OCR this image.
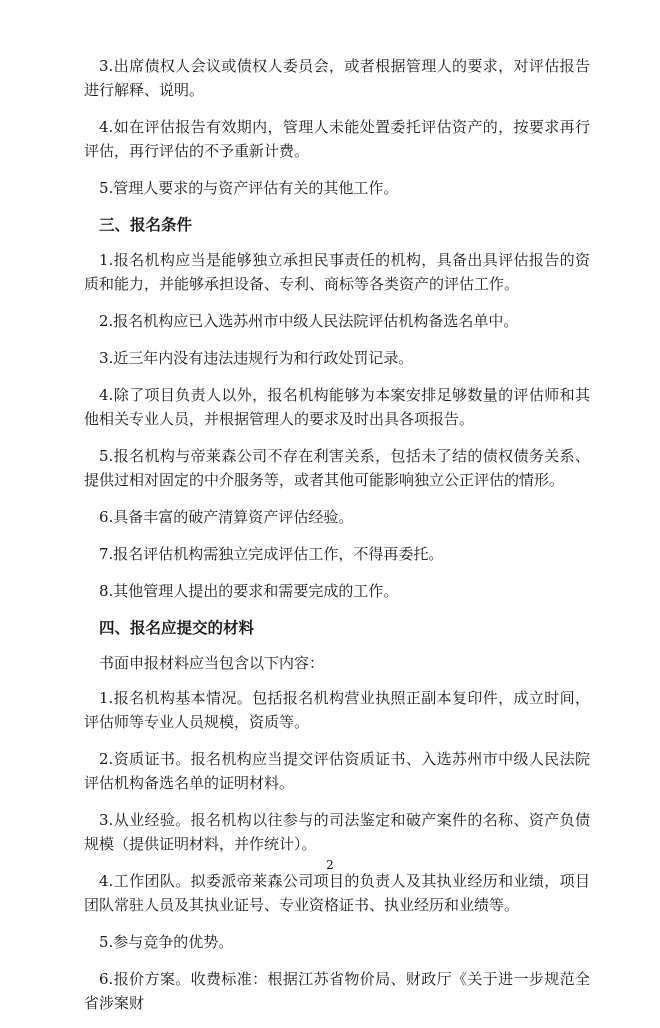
3.出席债权人会议或债权人委员会，或者根据管理人的要求，对评估报告进行解释、说明。

4.如在评估报告有效期内，管理人未能处置委托评估资产的，按要求再行评估，再行评估的不予重新计费。

5.管理人要求的与资产评估有关的其他工作。

三、报名条件

1.报名机构应当是能够独立承担民事责任的机构，具备出具评估报告的资质和能力，并能够承担设备、专利、商标等各类资产的评估工作。

2.报名机构应已入选苏州市中级人民法院评估机构备选名单中。

3.近三年内没有违法违规行为和行政处罚记录。

4.除了项目负责人以外，报名机构能够为本案安排足够数量的评估师和其他相关专业人员，并根据管理人的要求及时出具各项报告。

5.报名机构与帝莱森公司不存在利害关系，包括未了结的债权债务关系、提供过相对固定的中介服务等，或者其他可能影响独立公正评估的情形。

6.具备丰富的破产清算资产评估经验。

7.报名评估机构需独立完成评估工作，不得再委托。

8.其他管理人提出的要求和需要完成的工作。

四、报名应提交的材料

书面申报材料应当包含以下内容：

1.报名机构基本情况。包括报名机构营业执照正副本复印件，成立时间，评估师等专业人员规模，资质等。

2.资质证书。报名机构应当提交评估资质证书、入选苏州市中级人民法院评估机构备选名单的证明材料。

3.从业经验。报名机构以往参与的司法鉴定和破产案件的名称、资产负债规模（提供证明材料，并作统计）。

4.工作团队。拟委派帝莱森公司项目的负责人及其执业经历和业绩，项目团队常驻人员及其执业证号、专业资格证书、执业经历和业绩等。

5.参与竞争的优势。

6.报价方案。收费标准：根据江苏省物价局、财政厅《关于进一步规范全省涉案财

2
